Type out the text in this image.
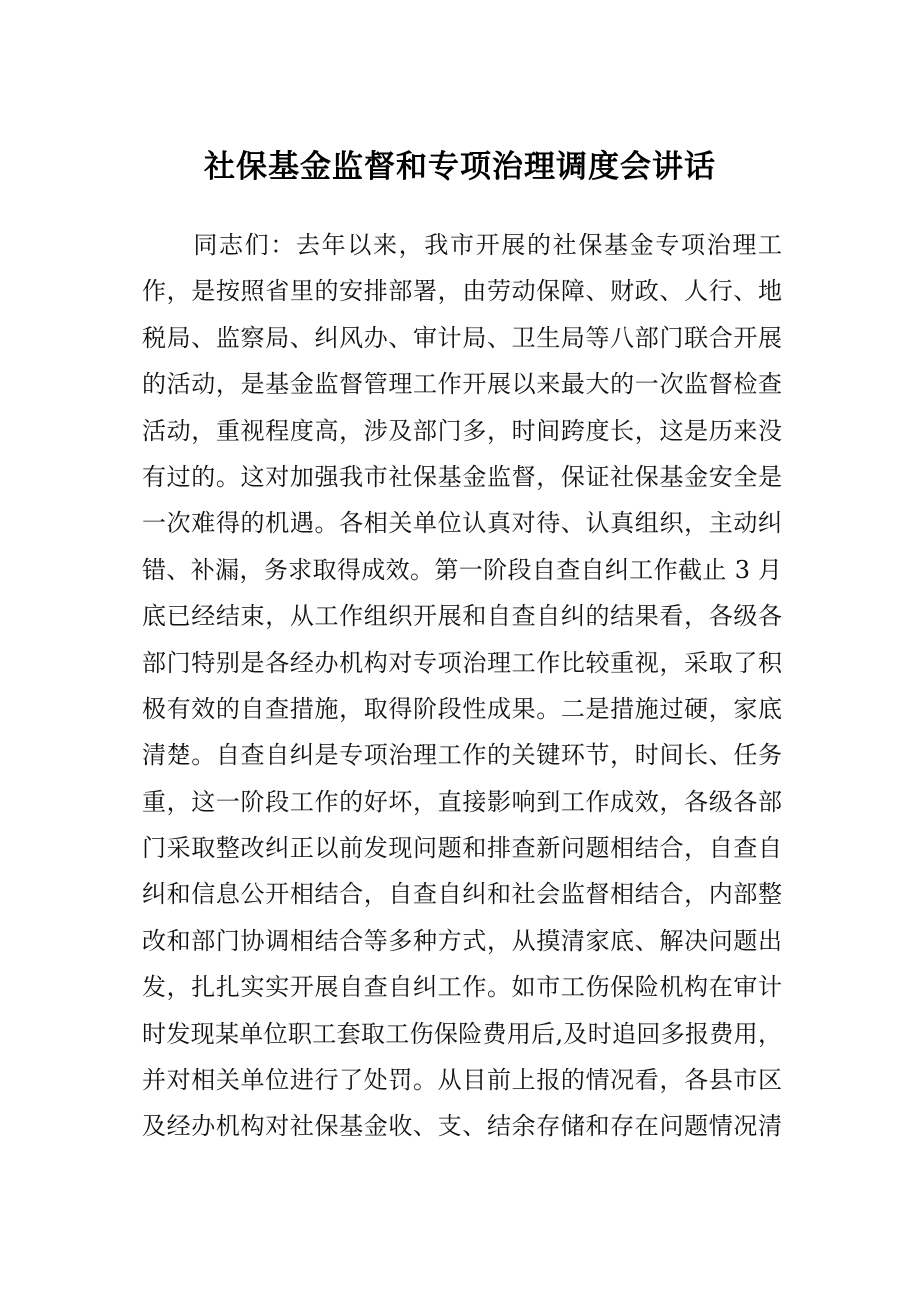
社保基金监督和专项治理调度会讲话
　　同志们：去年以来，我市开展的社保基金专项治理工
作，是按照省里的安排部署，由劳动保障、财政、人行、地
税局、监察局、纠风办、审计局、卫生局等八部门联合开展
的活动，是基金监督管理工作开展以来最大的一次监督检查
活动，重视程度高，涉及部门多，时间跨度长，这是历来没
有过的。这对加强我市社保基金监督，保证社保基金安全是
一次难得的机遇。各相关单位认真对待、认真组织，主动纠
错、补漏，务求取得成效。第一阶段自查自纠工作截止 3 月
底已经结束，从工作组织开展和自查自纠的结果看，各级各
部门特别是各经办机构对专项治理工作比较重视，采取了积
极有效的自查措施，取得阶段性成果。二是措施过硬，家底
清楚。自查自纠是专项治理工作的关键环节，时间长、任务
重，这一阶段工作的好坏，直接影响到工作成效，各级各部
门采取整改纠正以前发现问题和排查新问题相结合，自查自
纠和信息公开相结合，自查自纠和社会监督相结合，内部整
改和部门协调相结合等多种方式，从摸清家底、解决问题出
发，扎扎实实开展自查自纠工作。如市工伤保险机构在审计
时发现某单位职工套取工伤保险费用后,及时追回多报费用，
并对相关单位进行了处罚。从目前上报的情况看，各县市区
及经办机构对社保基金收、支、结余存储和存在问题情况清
